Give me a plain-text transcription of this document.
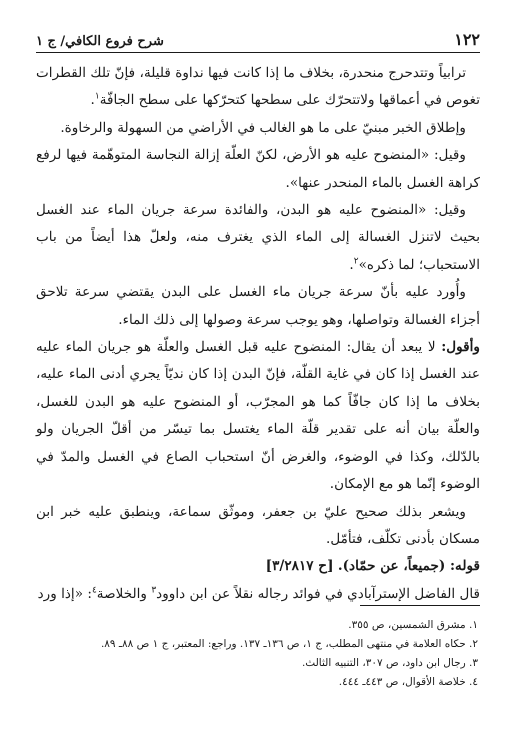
١٢٢
شرح فروع الكافي/ ج ١

ترابياً وتتدحرج منحدرة، بخلاف ما إذا كانت فيها نداوة قليلة، فإنّ تلك القطرات تغوص في أعماقها ولاتتحرّك على سطحها كتحرّكها على سطح الجافّة$^١$.

وإطلاق الخبر مبنيّ على ما هو الغالب في الأراضي من السهولة والرخاوة.

وقيل: «المنضوح عليه هو الأرض، لكنّ العلّة إزالة النجاسة المتوهّمة فيها لرفع كراهة الغسل بالماء المنحدر عنها».

وقيل: «المنضوح عليه هو البدن، والفائدة سرعة جريان الماء عند الغسل بحيث لاتنزل الغسالة إلى الماء الذي يغترف منه، ولعلّ هذا أيضاً من باب الاستحباب؛ لما ذكره»$^٢$.

وأُورد عليه بأنّ سرعة جريان ماء الغسل على البدن يقتضي سرعة تلاحق أجزاء الغسالة وتواصلها، وهو يوجب سرعة وصولها إلى ذلك الماء.

وأقول: لا يبعد أن يقال: المنضوح عليه قبل الغسل والعلّة هو جريان الماء عليه عند الغسل إذا كان في غاية القلّة، فإنّ البدن إذا كان نديّاً يجري أدنى الماء عليه، بخلاف ما إذا كان جافّاً كما هو المجرّب، أو المنضوح عليه هو البدن للغسل، والعلّة بيان أنه على تقدير قلّة الماء يغتسل بما تيسّر من أقلّ الجريان ولو بالدّلك، وكذا في الوضوء، والغرض أنّ استحباب الصاع في الغسل والمدّ في الوضوء إنّما هو مع الإمكان.

ويشعر بذلك صحيح عليّ بن جعفر، وموثّق سماعة، وينطبق عليه خبر ابن مسكان بأدنى تكلّف، فتأمّل.

قوله: (جميعاً، عن حمّاد). [ح ٣/٢٨١٧]

قال الفاضل الإسترآبادي في فوائد رجاله نقلاً عن ابن داوود$^٣$ والخلاصة$^٤$: «إذا ورد

١. مشرق الشمسين، ص ٣٥٥.
٢. حكاه العلامة في منتهى المطلب، ج ١، ص ١٣٦ـ ١٣٧. وراجع: المعتبر، ج ١ ص ٨٨ـ ٨٩.
٣. رجال ابن داود، ص ٣٠٧، التنبيه الثالث.
٤. خلاصة الأقوال، ص ٤٤٣ـ ٤٤٤.
